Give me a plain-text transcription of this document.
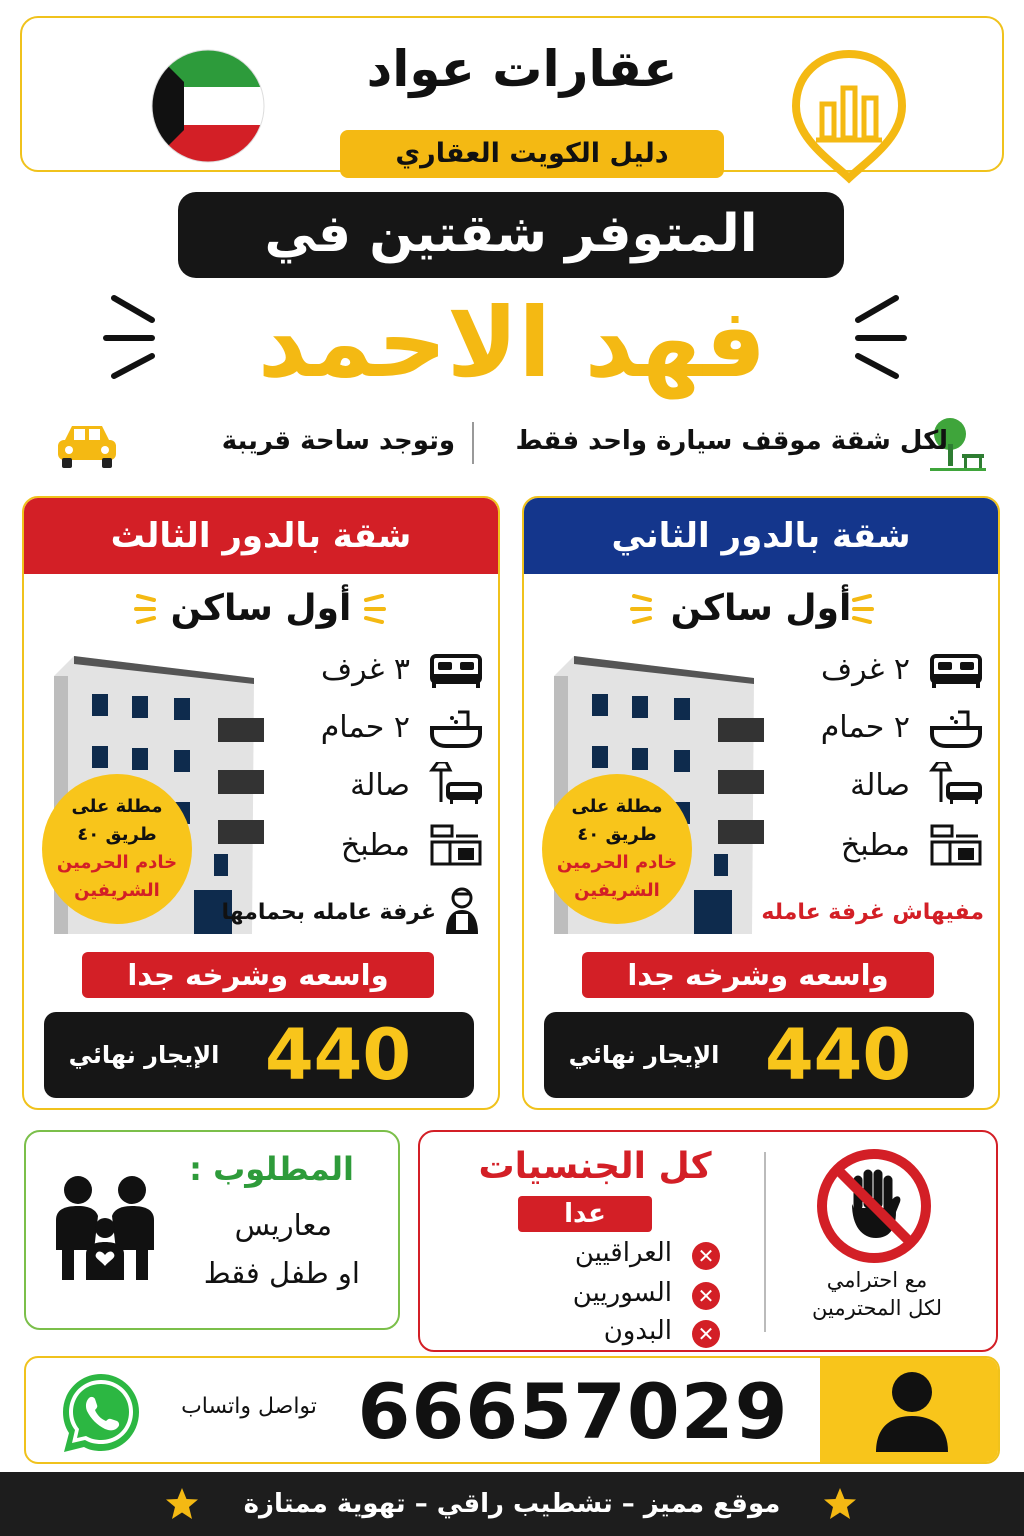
عقارات عواد
دليل الكويت العقاري
المتوفر شقتين في
فهد الاحمد
لكل شقة موقف سيارة واحد فقط
وتوجد ساحة قريبة
شقة بالدور الثالث
أول ساكن
مطلة على
طريق ٤٠
خادم الحرمين
الشريفين
٣ غرف
٢ حمام
صالة
مطبخ
غرفة عامله بحمامها
واسعه وشرخه جدا
440
الإيجار نهائي
شقة بالدور الثاني
أول ساكن
مطلة على
طريق ٤٠
خادم الحرمين
الشريفين
٢ غرف
٢ حمام
صالة
مطبخ
مفيهاش غرفة عامله
واسعه وشرخه جدا
440
الإيجار نهائي
المطلوب :
معاريس
او طفل فقط
كل الجنسيات
عدا
العراقيين ✕
السوريين ✕
البدون ✕
مع احترامي
لكل المحترمين
66657029
تواصل واتساب
موقع مميز – تشطيب راقي – تهوية ممتازة
